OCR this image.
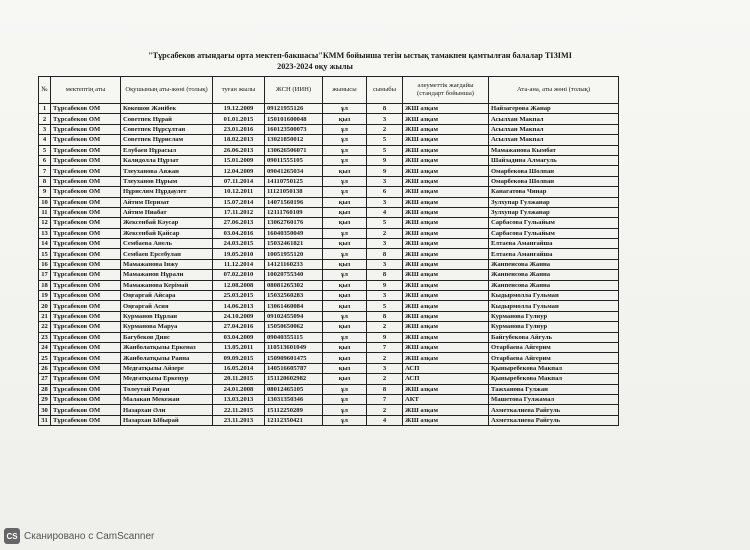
"Тұрсабеков атындағы орта мектеп-бакшасы"КММ бойынша тегін ыстық тамакпен қамтылған балалар ТІЗІМІ
2023-2024 оқу жылы
№	мектептің аты	Оқушының аты-жөні (толық)	туған жылы	ЖСН (ИИН)	жынысы	сыныбы	әлеуметтік жағдайы (стандарт бойынша)	Ата-ана, аты жөні (толық)
1	Тұрсабеков ОМ	Кокешов Жәнібек	19.12.2009	09121955126	ұл	8	ЖШ азқам	Найзагерова Жанар
2	Тұрсабеков ОМ	Советпек Нұрай	01.01.2015	150101600048	қыз	3	ЖШ азқам	Асылхан Макпал
3	Тұрсабеков ОМ	Советпек Нұрсұлтан	23.01.2016	160123500073	ұл	2	ЖШ азқам	Асылхан Макпал
4	Тұрсабеков ОМ	Советпек Нұрислам	18.02.2013	13021850012	ұл	5	ЖШ азқам	Асылхан Макпал
5	Тұрсабеков ОМ	Елубаев Нұрасыл	26.06.2013	130626506071	ұл	5	ЖШ азқам	Мамажанова Кымбат
6	Тұрсабеков ОМ	Калидолла Нұрзат	15.01.2009	09011555105	ұл	9	ЖШ азқам	Шайзадина Алмагуль
7	Тұрсабеков ОМ	Тлеуханова Аяжан	12.04.2009	09041265034	қыз	9	ЖШ азқам	Омарбекова Шолпан
8	Тұрсабеков ОМ	Тлеуханов Нұрым	07.11.2014	14110750125	ұл	3	ЖШ азқам	Омарбекова Шолпан
9	Тұрсабеков ОМ	Нұрислям Нұрдаулет	10.12.2011	11121050138	ұл	6	ЖШ азқам	Канагатова Чинар
10	Тұрсабеков ОМ	Айтим Перизат	15.07.2014	14071560196	қыз	3	ЖШ азқам	Зулхупар Гулжанар
11	Тұрсабеков ОМ	Айтим Ниабат	17.11.2012	12111760109	қыз	4	ЖШ азқам	Зулхупар Гулжанар
12	Тұрсабеков ОМ	Жексенбай Кәусар	27.06.2013	13062760176	қыз	5	ЖШ азқам	Сарбасова Гульайым
13	Тұрсабеков ОМ	Жексенбай Қайсар	03.04.2016	16040350049	ұл	2	ЖШ азқам	Сарбасова Гульайым
14	Тұрсабеков ОМ	Сембаева Анель	24.03.2015	15032461821	қыз	3	ЖШ азқам	Елтаева Аманғайша
15	Тұрсабеков ОМ	Сембаев Ерсебулан	19.05.2010	10051955120	ұл	8	ЖШ азқам	Елтаева Аманғайша
16	Тұрсабеков ОМ	Мамажанова Інжу	11.12.2014	14121160233	қыз	3	ЖШ азқам	Жанпеисова Жанна
17	Тұрсабеков ОМ	Мамажанов Нұрали	07.02.2010	10020755340	ұл	8	ЖШ азқам	Жанпеисова Жанна
18	Тұрсабеков ОМ	Мамажанова Керімай	12.08.2008	08081265302	қыз	9	ЖШ азқам	Жанпеисова Жанна
19	Тұрсабеков ОМ	Оңғаргай Айсара	25.03.2015	15032560283	қыз	3	ЖШ азқам	Кыдырмолла Гульман
20	Тұрсабеков ОМ	Оңғаргай Асия	14.06.2013	13061460084	қыз	5	ЖШ азқам	Кыдырмолла Гульман
21	Тұрсабеков ОМ	Курманов Нұрлан	24.10.2009	09102455094	ұл	8	ЖШ азқам	Курманова Гулнур
22	Тұрсабеков ОМ	Курманова Маруа	27.04.2016	15050650062	қыз	2	ЖШ азқам	Курманова Гулнур
23	Тұрсабеков ОМ	Багубеков Дияс	03.04.2009	09040355115	ұл	9	ЖШ азқам	Байгубекова Айгуль
24	Тұрсабеков ОМ	Жанболатқызы Еркеназ	13.05.2011	110513601049	қыз	7	ЖШ азқам	Отарбаева Айгерим
25	Тұрсабеков ОМ	Жанболатқызы Раяна	09.09.2015	150909601475	қыз	2	ЖШ азқам	Отарбаева Айгерим
26	Тұрсабеков ОМ	Медғатқызы Айзере	16.05.2014	140516605787	қыз	3	АСП	Қыныребекова Макпал
27	Тұрсабеков ОМ	Медғатқызы Еркенур	20.11.2015	151120602982	қыз	2	АСП	Қыныребекова Макпал
28	Тұрсабеков ОМ	Толеутай Рауан	24.01.2008	08012465105	ұл	8	ЖШ азқам	Тажханова Гулжан
29	Тұрсабеков ОМ	Малакан Мекежан	13.03.2013	13031350346	ұл	7	АКТ	Машетова Гулжамал
30	Тұрсабеков ОМ	Назархан Әли	22.11.2015	15112250289	ұл	2	ЖШ азқам	Ахметкалиева Райгуль
31	Тұрсабеков ОМ	Назархан Ыбырай	23.11.2013	12112350421	ұл	4	ЖШ азқам	Ахметкалиева Райгуль
CS Сканировано с CamScanner
